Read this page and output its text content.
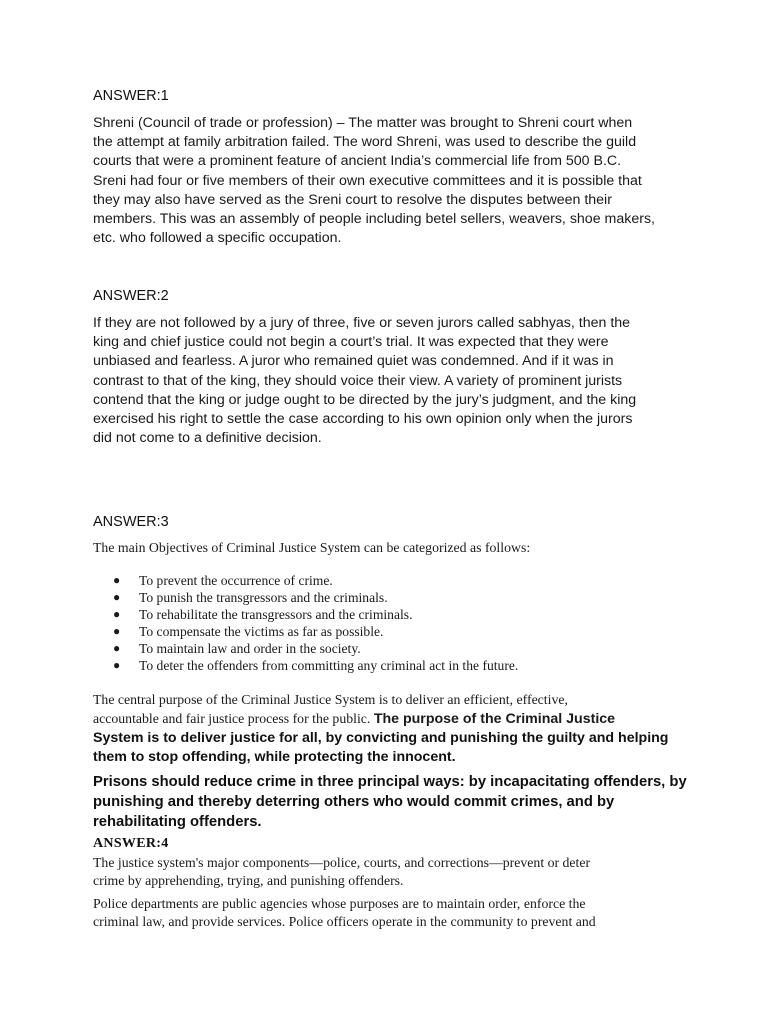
ANSWER:1

Shreni (Council of trade or profession) – The matter was brought to Shreni court when

the attempt at family arbitration failed. The word Shreni, was used to describe the guild

courts that were a prominent feature of ancient India’s commercial life from 500 B.C.

Sreni had four or five members of their own executive committees and it is possible that

they may also have served as the Sreni court to resolve the disputes between their

members. This was an assembly of people including betel sellers, weavers, shoe makers,

etc. who followed a specific occupation.

ANSWER:2

If they are not followed by a jury of three, five or seven jurors called sabhyas, then the

king and chief justice could not begin a court’s trial. It was expected that they were

unbiased and fearless. A juror who remained quiet was condemned. And if it was in

contrast to that of the king, they should voice their view. A variety of prominent jurists

contend that the king or judge ought to be directed by the jury’s judgment, and the king

exercised his right to settle the case according to his own opinion only when the jurors

did not come to a definitive decision.

ANSWER:3

The main Objectives of Criminal Justice System can be categorized as follows:

● To prevent the occurrence of crime.
● To punish the transgressors and the criminals.
● To rehabilitate the transgressors and the criminals.
● To compensate the victims as far as possible.
● To maintain law and order in the society.
● To deter the offenders from committing any criminal act in the future.

The central purpose of the Criminal Justice System is to deliver an efficient, effective,

accountable and fair justice process for the public. The purpose of the Criminal Justice

System is to deliver justice for all, by convicting and punishing the guilty and helping

them to stop offending, while protecting the innocent.

Prisons should reduce crime in three principal ways: by incapacitating offenders, by

punishing and thereby deterring others who would commit crimes, and by

rehabilitating offenders.

ANSWER:4

The justice system's major components—police, courts, and corrections—prevent or deter

crime by apprehending, trying, and punishing offenders.

Police departments are public agencies whose purposes are to maintain order, enforce the

criminal law, and provide services. Police officers operate in the community to prevent and
